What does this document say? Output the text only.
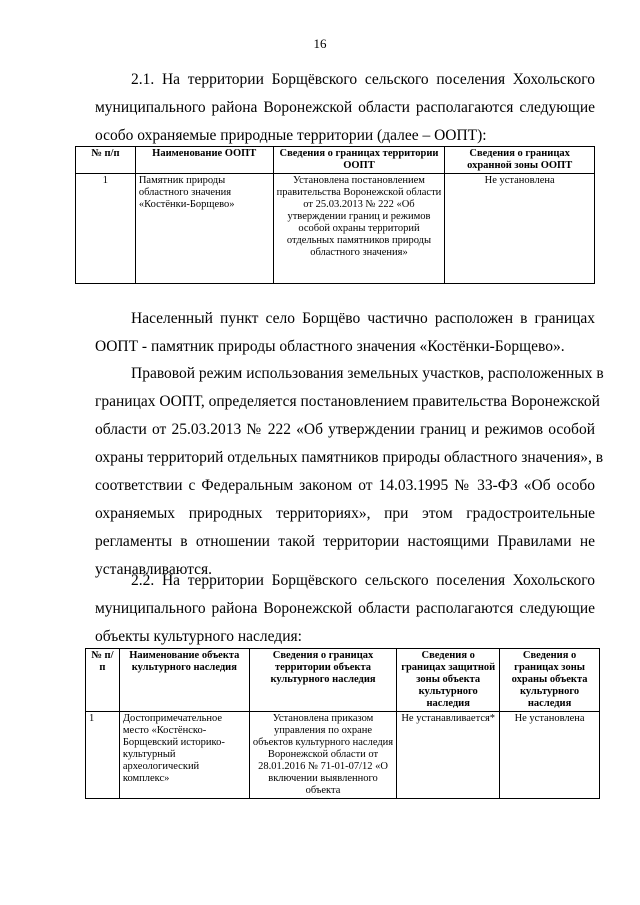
16
2.1. На территории Борщёвского сельского поселения Хохольского
муниципального района Воронежской области располагаются следующие
особо охраняемые природные территории (далее – ООПТ):
№ п/п	Наименование ООПТ	Сведения о границах территории ООПТ	Сведения о границах охранной зоны ООПТ
1	Памятник природы областного значения «Костёнки-Борщево»	Установлена постановлением правительства Воронежской области от 25.03.2013 № 222 «Об утверждении границ и режимов особой охраны территорий отдельных памятников природы областного значения»	Не установлена
Населенный пункт село Борщёво частично расположен в границах
ООПТ - памятник природы областного значения «Костёнки-Борщево».
Правовой режим использования земельных участков, расположенных в
границах ООПТ, определяется постановлением правительства Воронежской
области от 25.03.2013 № 222 «Об утверждении границ и режимов особой
охраны территорий отдельных памятников природы областного значения», в
соответствии с Федеральным законом от 14.03.1995 № 33-ФЗ «Об особо
охраняемых природных территориях», при этом градостроительные
регламенты в отношении такой территории настоящими Правилами не
устанавливаются.
2.2. На территории Борщёвского сельского поселения Хохольского
муниципального района Воронежской области располагаются следующие
объекты культурного наследия:
№ п/п	Наименование объекта культурного наследия	Сведения о границах территории объекта культурного наследия	Сведения о границах защитной зоны объекта культурного наследия	Сведения о границах зоны охраны объекта культурного наследия
1	Достопримечательное место «Костёнско-Борщевский историко-культурный археологический комплекс»	Установлена приказом управления по охране объектов культурного наследия Воронежской области от 28.01.2016 № 71-01-07/12 «О включении выявленного объекта	Не устанавливается*	Не установлена
